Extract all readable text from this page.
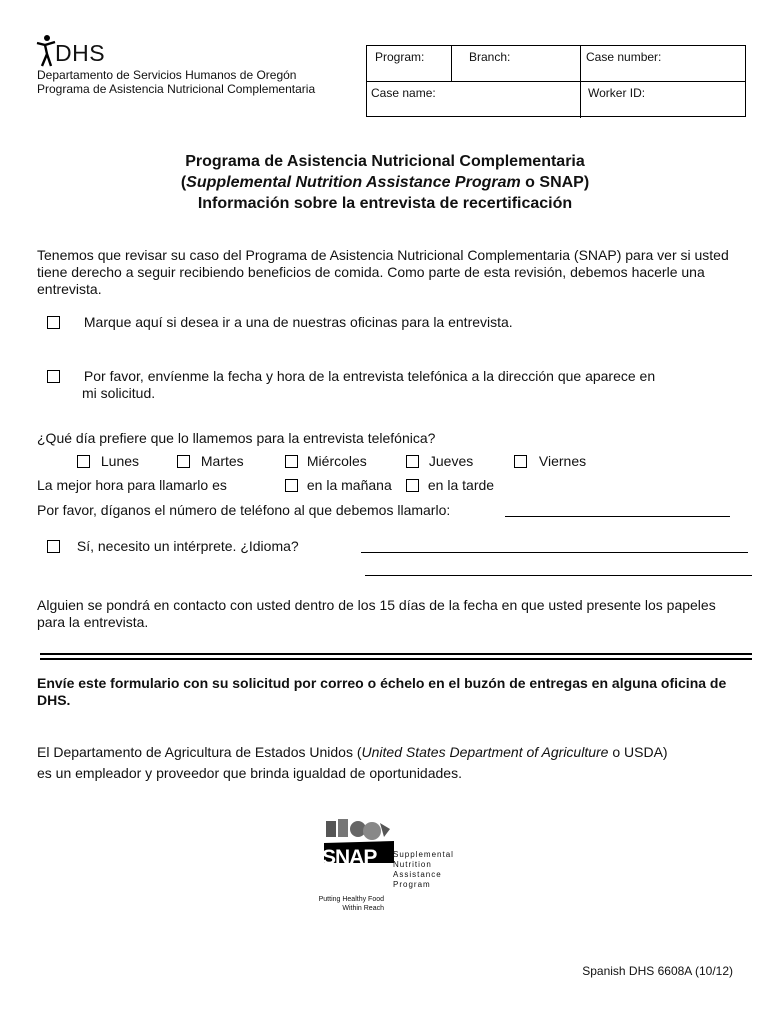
DHS
Departamento de Servicios Humanos de Oregón
Programa de Asistencia Nutricional Complementaria
Program:	Branch:	Case number:
Case name:	Worker ID:
Programa de Asistencia Nutricional Complementaria
(Supplemental Nutrition Assistance Program o SNAP)
Información sobre la entrevista de recertificación
Tenemos que revisar su caso del Programa de Asistencia Nutricional Complementaria (SNAP) para ver si usted tiene derecho a seguir recibiendo beneficios de comida. Como parte de esta revisión, debemos hacerle una entrevista.
Marque aquí si desea ir a una de nuestras oficinas para la entrevista.
Por favor, envíenme la fecha y hora de la entrevista telefónica a la dirección que aparece en
mi solicitud.
¿Qué día prefiere que lo llamemos para la entrevista telefónica?
Lunes	Martes	Miércoles	Jueves	Viernes
La mejor hora para llamarlo es	en la mañana	en la tarde
Por favor, díganos el número de teléfono al que debemos llamarlo:
Sí, necesito un intérprete. ¿Idioma?
Alguien se pondrá en contacto con usted dentro de los 15 días de la fecha en que usted presente los papeles para la entrevista.
Envíe este formulario con su solicitud por correo o échelo en el buzón de entregas en alguna oficina de DHS.
El Departamento de Agricultura de Estados Unidos (United States Department of Agriculture o USDA)
es un empleador y proveedor que brinda igualdad de oportunidades.
SNAP Supplemental
Nutrition
Assistance
Program
Putting Healthy Food
Within Reach
Spanish DHS 6608A (10/12)
